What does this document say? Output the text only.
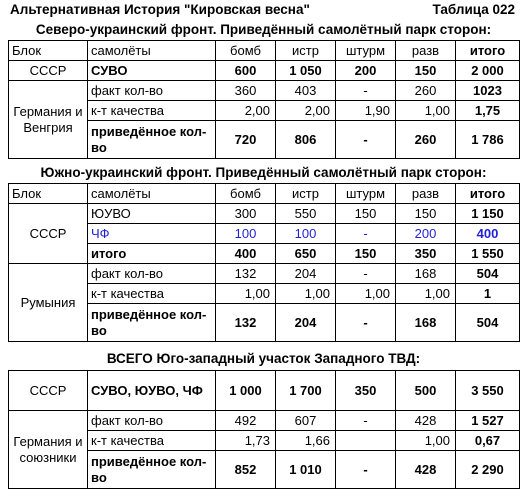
Альтернативная История "Кировская весна"	Таблица 022
Северо-украинский фронт. Приведённый самолётный парк сторон:
Блок	самолёты	бомб	истр	штурм	разв	итого
СССР	СУВО	600	1 050	200	150	2 000
Германия и Венгрия	факт кол-во	360	403	-	260	1023
	к-т качества	2,00	2,00	1,90	1,00	1,75
	приведённое кол-во	720	806	-	260	1 786
Южно-украинский фронт. Приведённый самолётный парк сторон:
Блок	самолёты	бомб	истр	штурм	разв	итого
СССР	ЮУВО	300	550	150	150	1 150
	ЧФ	100	100	-	200	400
	итого	400	650	150	350	1 550
Румыния	факт кол-во	132	204	-	168	504
	к-т качества	1,00	1,00	1,00	1,00	1
	приведённое кол-во	132	204	-	168	504
ВСЕГО Юго-западный участок Западного ТВД:
СССР	СУВО, ЮУВО, ЧФ	1 000	1 700	350	500	3 550
Германия и союзники	факт кол-во	492	607	-	428	1 527
	к-т качества	1,73	1,66		1,00	0,67
	приведённое кол-во	852	1 010	-	428	2 290
